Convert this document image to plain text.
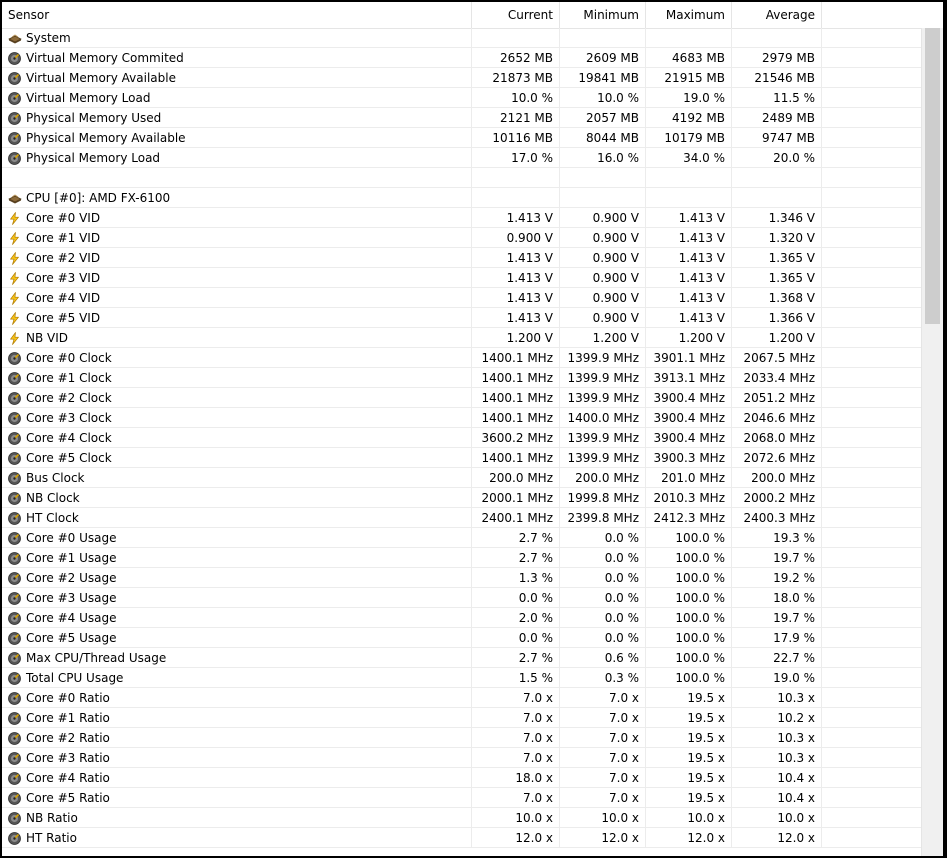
Sensor	Current	Minimum	Maximum	Average
System
Virtual Memory Commited	2652 MB	2609 MB	4683 MB	2979 MB
Virtual Memory Available	21873 MB	19841 MB	21915 MB	21546 MB
Virtual Memory Load	10.0 %	10.0 %	19.0 %	11.5 %
Physical Memory Used	2121 MB	2057 MB	4192 MB	2489 MB
Physical Memory Available	10116 MB	8044 MB	10179 MB	9747 MB
Physical Memory Load	17.0 %	16.0 %	34.0 %	20.0 %
CPU [#0]: AMD FX-6100
Core #0 VID	1.413 V	0.900 V	1.413 V	1.346 V
Core #1 VID	0.900 V	0.900 V	1.413 V	1.320 V
Core #2 VID	1.413 V	0.900 V	1.413 V	1.365 V
Core #3 VID	1.413 V	0.900 V	1.413 V	1.365 V
Core #4 VID	1.413 V	0.900 V	1.413 V	1.368 V
Core #5 VID	1.413 V	0.900 V	1.413 V	1.366 V
NB VID	1.200 V	1.200 V	1.200 V	1.200 V
Core #0 Clock	1400.1 MHz	1399.9 MHz	3901.1 MHz	2067.5 MHz
Core #1 Clock	1400.1 MHz	1399.9 MHz	3913.1 MHz	2033.4 MHz
Core #2 Clock	1400.1 MHz	1399.9 MHz	3900.4 MHz	2051.2 MHz
Core #3 Clock	1400.1 MHz	1400.0 MHz	3900.4 MHz	2046.6 MHz
Core #4 Clock	3600.2 MHz	1399.9 MHz	3900.4 MHz	2068.0 MHz
Core #5 Clock	1400.1 MHz	1399.9 MHz	3900.3 MHz	2072.6 MHz
Bus Clock	200.0 MHz	200.0 MHz	201.0 MHz	200.0 MHz
NB Clock	2000.1 MHz	1999.8 MHz	2010.3 MHz	2000.2 MHz
HT Clock	2400.1 MHz	2399.8 MHz	2412.3 MHz	2400.3 MHz
Core #0 Usage	2.7 %	0.0 %	100.0 %	19.3 %
Core #1 Usage	2.7 %	0.0 %	100.0 %	19.7 %
Core #2 Usage	1.3 %	0.0 %	100.0 %	19.2 %
Core #3 Usage	0.0 %	0.0 %	100.0 %	18.0 %
Core #4 Usage	2.0 %	0.0 %	100.0 %	19.7 %
Core #5 Usage	0.0 %	0.0 %	100.0 %	17.9 %
Max CPU/Thread Usage	2.7 %	0.6 %	100.0 %	22.7 %
Total CPU Usage	1.5 %	0.3 %	100.0 %	19.0 %
Core #0 Ratio	7.0 x	7.0 x	19.5 x	10.3 x
Core #1 Ratio	7.0 x	7.0 x	19.5 x	10.2 x
Core #2 Ratio	7.0 x	7.0 x	19.5 x	10.3 x
Core #3 Ratio	7.0 x	7.0 x	19.5 x	10.3 x
Core #4 Ratio	18.0 x	7.0 x	19.5 x	10.4 x
Core #5 Ratio	7.0 x	7.0 x	19.5 x	10.4 x
NB Ratio	10.0 x	10.0 x	10.0 x	10.0 x
HT Ratio	12.0 x	12.0 x	12.0 x	12.0 x
